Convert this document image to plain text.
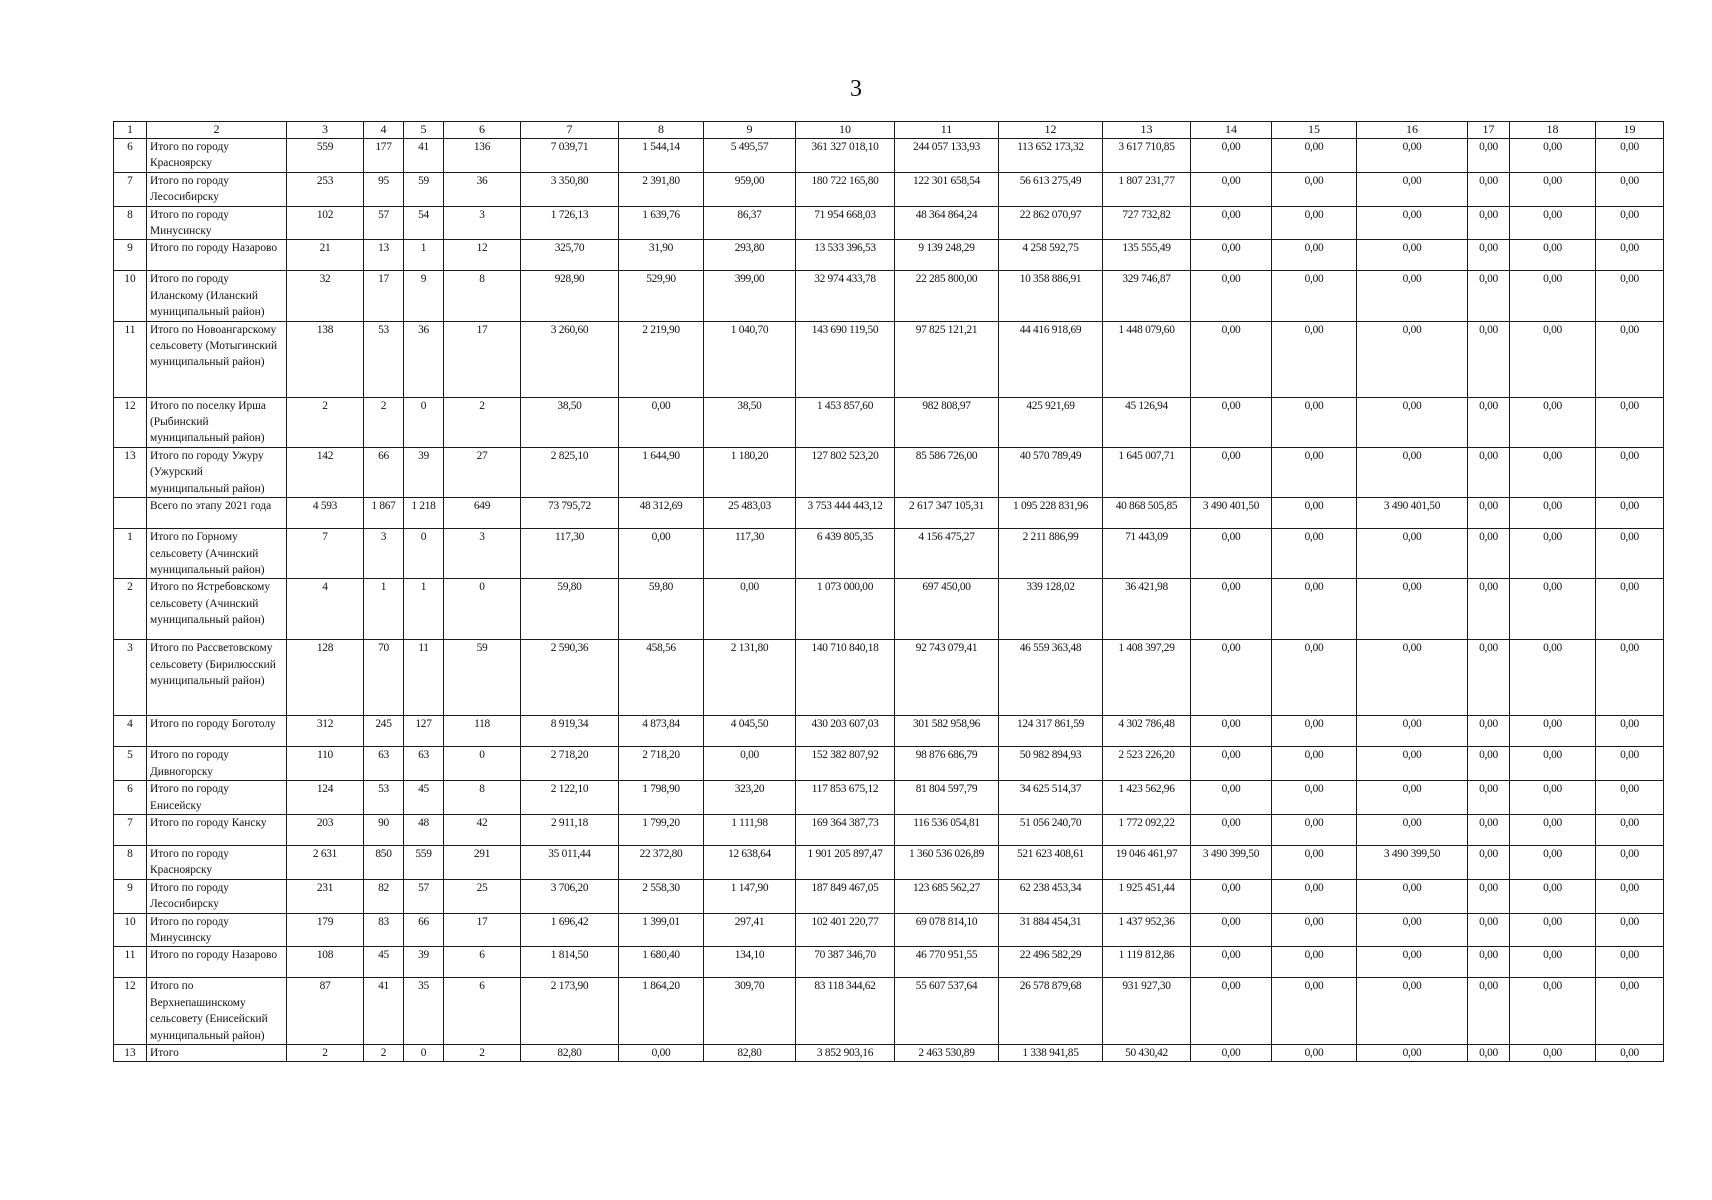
3
1	2	3	4	5	6	7	8	9	10	11	12	13	14	15	16	17	18	19
6	Итого по городу Красноярску	559	177	41	136	7 039,71	1 544,14	5 495,57	361 327 018,10	244 057 133,93	113 652 173,32	3 617 710,85	0,00	0,00	0,00	0,00	0,00	0,00
7	Итого по городу Лесосибирску	253	95	59	36	3 350,80	2 391,80	959,00	180 722 165,80	122 301 658,54	56 613 275,49	1 807 231,77	0,00	0,00	0,00	0,00	0,00	0,00
8	Итого по городу Минусинску	102	57	54	3	1 726,13	1 639,76	86,37	71 954 668,03	48 364 864,24	22 862 070,97	727 732,82	0,00	0,00	0,00	0,00	0,00	0,00
9	Итого по городу Назарово	21	13	1	12	325,70	31,90	293,80	13 533 396,53	9 139 248,29	4 258 592,75	135 555,49	0,00	0,00	0,00	0,00	0,00	0,00
10	Итого по городу Иланскому (Иланский муниципальный район)	32	17	9	8	928,90	529,90	399,00	32 974 433,78	22 285 800,00	10 358 886,91	329 746,87	0,00	0,00	0,00	0,00	0,00	0,00
11	Итого по Новоангарскому сельсовету (Мотыгинский муниципальный район)	138	53	36	17	3 260,60	2 219,90	1 040,70	143 690 119,50	97 825 121,21	44 416 918,69	1 448 079,60	0,00	0,00	0,00	0,00	0,00	0,00
12	Итого по поселку Ирша (Рыбинский муниципальный район)	2	2	0	2	38,50	0,00	38,50	1 453 857,60	982 808,97	425 921,69	45 126,94	0,00	0,00	0,00	0,00	0,00	0,00
13	Итого по городу Ужуру (Ужурский муниципальный район)	142	66	39	27	2 825,10	1 644,90	1 180,20	127 802 523,20	85 586 726,00	40 570 789,49	1 645 007,71	0,00	0,00	0,00	0,00	0,00	0,00
	Всего по этапу 2021 года	4 593	1 867	1 218	649	73 795,72	48 312,69	25 483,03	3 753 444 443,12	2 617 347 105,31	1 095 228 831,96	40 868 505,85	3 490 401,50	0,00	3 490 401,50	0,00	0,00	0,00
1	Итого по Горному сельсовету (Ачинский муниципальный район)	7	3	0	3	117,30	0,00	117,30	6 439 805,35	4 156 475,27	2 211 886,99	71 443,09	0,00	0,00	0,00	0,00	0,00	0,00
2	Итого по Ястребовскому сельсовету (Ачинский муниципальный район)	4	1	1	0	59,80	59,80	0,00	1 073 000,00	697 450,00	339 128,02	36 421,98	0,00	0,00	0,00	0,00	0,00	0,00
3	Итого по Рассветовскому сельсовету (Бирилюсский муниципальный район)	128	70	11	59	2 590,36	458,56	2 131,80	140 710 840,18	92 743 079,41	46 559 363,48	1 408 397,29	0,00	0,00	0,00	0,00	0,00	0,00
4	Итого по городу Боготолу	312	245	127	118	8 919,34	4 873,84	4 045,50	430 203 607,03	301 582 958,96	124 317 861,59	4 302 786,48	0,00	0,00	0,00	0,00	0,00	0,00
5	Итого по городу Дивногорску	110	63	63	0	2 718,20	2 718,20	0,00	152 382 807,92	98 876 686,79	50 982 894,93	2 523 226,20	0,00	0,00	0,00	0,00	0,00	0,00
6	Итого по городу Енисейску	124	53	45	8	2 122,10	1 798,90	323,20	117 853 675,12	81 804 597,79	34 625 514,37	1 423 562,96	0,00	0,00	0,00	0,00	0,00	0,00
7	Итого по городу Канску	203	90	48	42	2 911,18	1 799,20	1 111,98	169 364 387,73	116 536 054,81	51 056 240,70	1 772 092,22	0,00	0,00	0,00	0,00	0,00	0,00
8	Итого по городу Красноярску	2 631	850	559	291	35 011,44	22 372,80	12 638,64	1 901 205 897,47	1 360 536 026,89	521 623 408,61	19 046 461,97	3 490 399,50	0,00	3 490 399,50	0,00	0,00	0,00
9	Итого по городу Лесосибирску	231	82	57	25	3 706,20	2 558,30	1 147,90	187 849 467,05	123 685 562,27	62 238 453,34	1 925 451,44	0,00	0,00	0,00	0,00	0,00	0,00
10	Итого по городу Минусинску	179	83	66	17	1 696,42	1 399,01	297,41	102 401 220,77	69 078 814,10	31 884 454,31	1 437 952,36	0,00	0,00	0,00	0,00	0,00	0,00
11	Итого по городу Назарово	108	45	39	6	1 814,50	1 680,40	134,10	70 387 346,70	46 770 951,55	22 496 582,29	1 119 812,86	0,00	0,00	0,00	0,00	0,00	0,00
12	Итого по Верхнепашинскому сельсовету (Енисейский муниципальный район)	87	41	35	6	2 173,90	1 864,20	309,70	83 118 344,62	55 607 537,64	26 578 879,68	931 927,30	0,00	0,00	0,00	0,00	0,00	0,00
13	Итого	2	2	0	2	82,80	0,00	82,80	3 852 903,16	2 463 530,89	1 338 941,85	50 430,42	0,00	0,00	0,00	0,00	0,00	0,00
